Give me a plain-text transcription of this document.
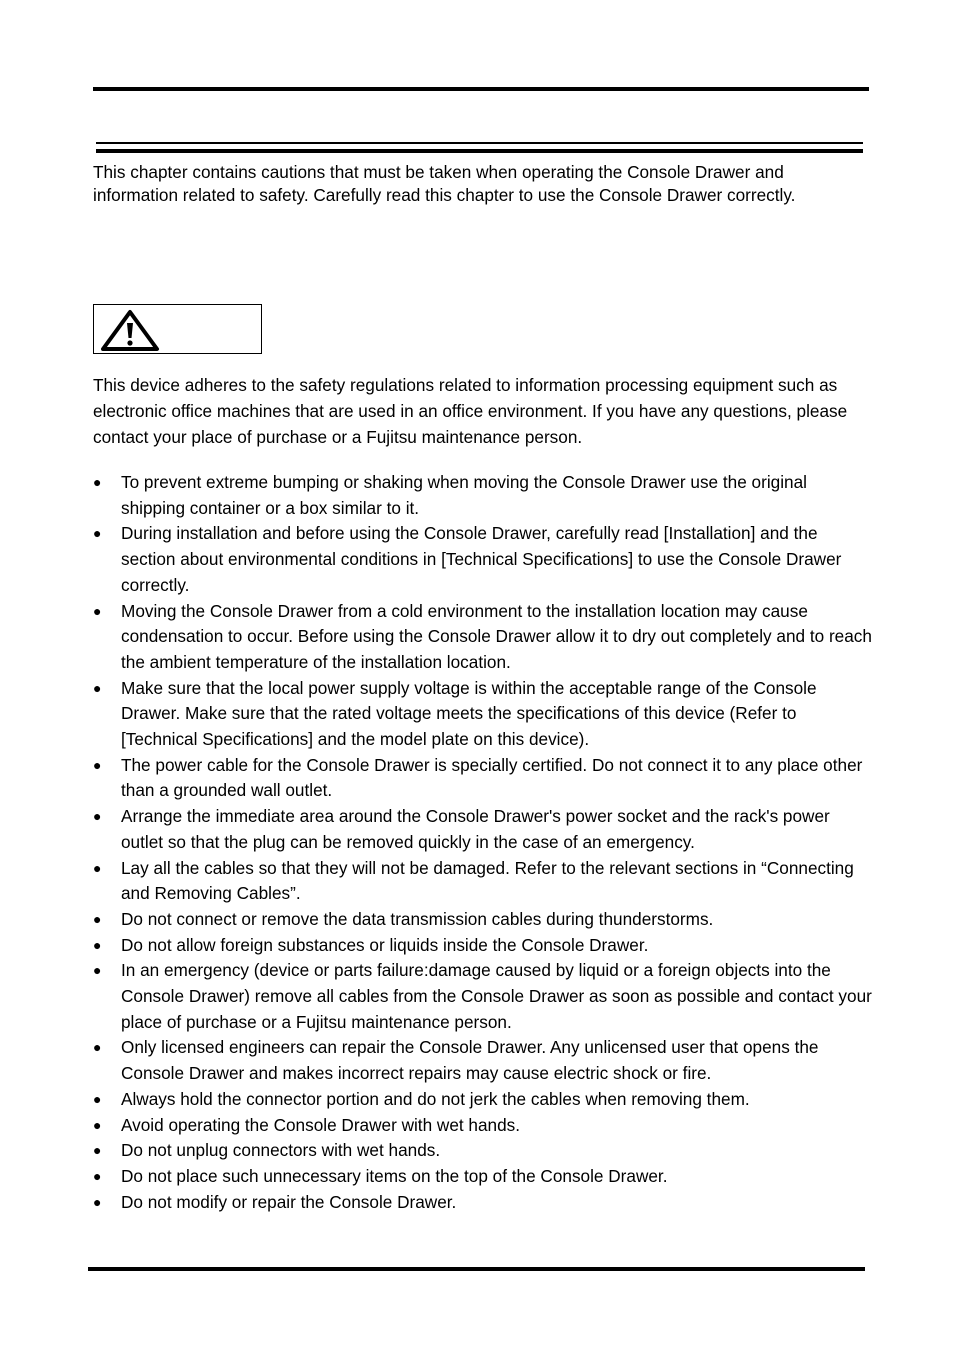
This chapter contains cautions that must be taken when operating the Console Drawer and information related to safety. Carefully read this chapter to use the Console Drawer correctly.

This device adheres to the safety regulations related to information processing equipment such as electronic office machines that are used in an office environment. If you have any questions, please contact your place of purchase or a Fujitsu maintenance person.

● To prevent extreme bumping or shaking when moving the Console Drawer use the original shipping container or a box similar to it.
● During installation and before using the Console Drawer, carefully read [Installation] and the section about environmental conditions in [Technical Specifications] to use the Console Drawer correctly.
● Moving the Console Drawer from a cold environment to the installation location may cause condensation to occur. Before using the Console Drawer allow it to dry out completely and to reach the ambient temperature of the installation location.
● Make sure that the local power supply voltage is within the acceptable range of the Console Drawer. Make sure that the rated voltage meets the specifications of this device (Refer to [Technical Specifications] and the model plate on this device).
● The power cable for the Console Drawer is specially certified. Do not connect it to any place other than a grounded wall outlet.
● Arrange the immediate area around the Console Drawer's power socket and the rack's power outlet so that the plug can be removed quickly in the case of an emergency.
● Lay all the cables so that they will not be damaged. Refer to the relevant sections in “Connecting and Removing Cables”.
● Do not connect or remove the data transmission cables during thunderstorms.
● Do not allow foreign substances or liquids inside the Console Drawer.
● In an emergency (device or parts failure:damage caused by liquid or a foreign objects into the Console Drawer) remove all cables from the Console Drawer as soon as possible and contact your place of purchase or a Fujitsu maintenance person.
● Only licensed engineers can repair the Console Drawer. Any unlicensed user that opens the Console Drawer and makes incorrect repairs may cause electric shock or fire.
● Always hold the connector portion and do not jerk the cables when removing them.
● Avoid operating the Console Drawer with wet hands.
● Do not unplug connectors with wet hands.
● Do not place such unnecessary items on the top of the Console Drawer.
● Do not modify or repair the Console Drawer.
